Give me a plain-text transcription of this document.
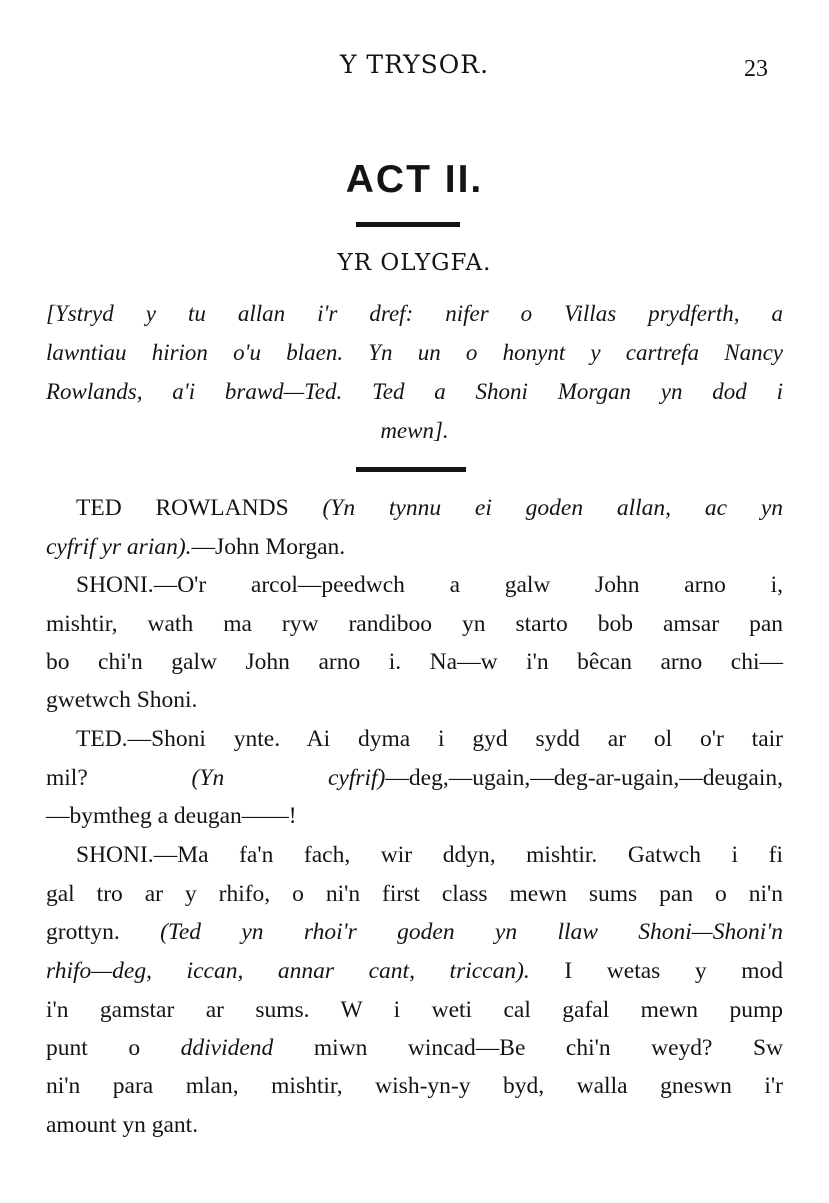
Y TRYSOR.	23
ACT II.
YR OLYGFA.
[Ystryd y tu allan i'r dref: nifer o Villas prydferth, a
lawntiau hirion o'u blaen. Yn un o honynt y cartrefa Nancy
Rowlands, a'i brawd—Ted. Ted a Shoni Morgan yn dod i
mewn].
TED ROWLANDS (Yn tynnu ei goden allan, ac yn
cyfrif yr arian).—John Morgan.
SHONI.—O'r arcol—peedwch a galw John arno i,
mishtir, wath ma ryw randiboo yn starto bob amsar pan
bo chi'n galw John arno i. Na—w i'n bêcan arno chi—
gwetwch Shoni.
TED.—Shoni ynte. Ai dyma i gyd sydd ar ol o'r tair
mil?	(Yn cyfrif)—deg,—ugain,—deg-ar-ugain,—deugain,
—bymtheg a deugan——!
SHONI.—Ma fa'n fach, wir ddyn, mishtir. Gatwch i fi
gal tro ar y rhifo, o ni'n first class mewn sums pan o ni'n
grottyn. (Ted yn rhoi'r goden yn llaw Shoni—Shoni'n
rhifo—deg, iccan, annar cant, triccan). I wetas y mod
i'n gamstar ar sums. W i weti cal gafal mewn pump
punt o ddividend miwn wincad—Be chi'n weyd? Sw
ni'n para mlan, mishtir, wish-yn-y byd, walla gneswn i'r
amount yn gant.
